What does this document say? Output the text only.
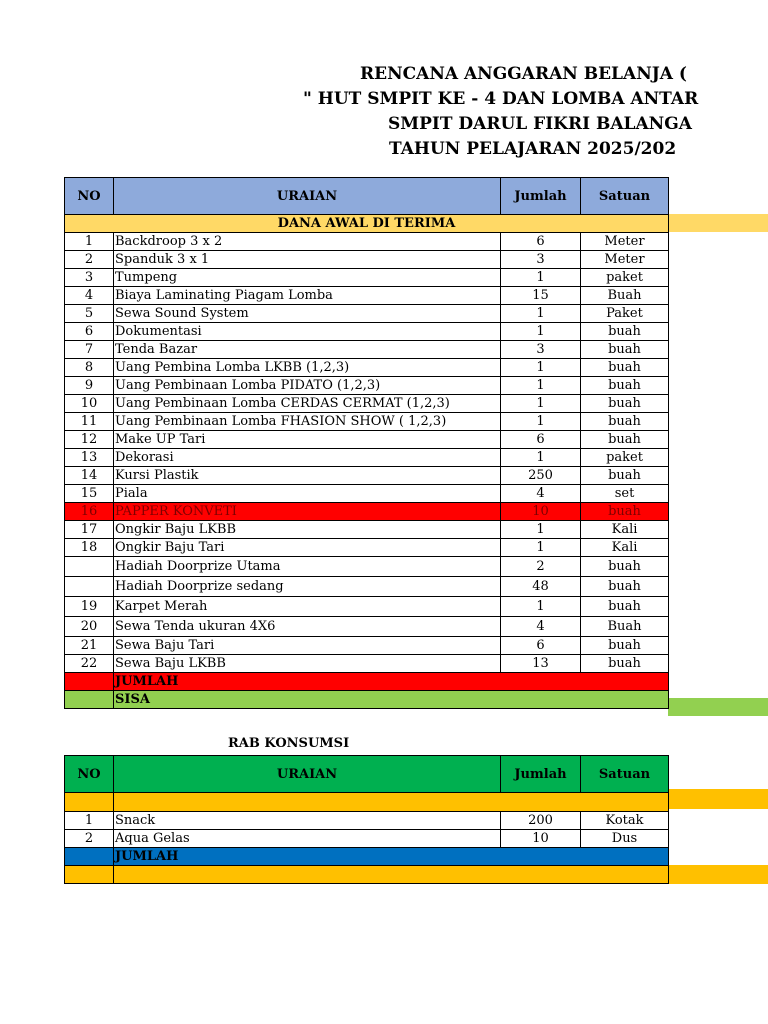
RENCANA ANGGARAN BELANJA (
" HUT SMPIT KE - 4 DAN LOMBA ANTAR
SMPIT DARUL FIKRI BALANGA
TAHUN PELAJARAN 2025/202
NO	URAIAN	Jumlah	Satuan
DANA AWAL DI TERIMA			
1	Backdroop 3 x 2	6	Meter
2	Spanduk 3 x 1	3	Meter
3	Tumpeng	1	paket
4	Biaya Laminating Piagam Lomba	15	Buah
5	Sewa Sound System	1	Paket
6	Dokumentasi	1	buah
7	Tenda Bazar	3	buah
8	Uang Pembina Lomba LKBB (1,2,3)	1	buah
9	Uang Pembinaan Lomba PIDATO (1,2,3)	1	buah
10	Uang Pembinaan Lomba CERDAS CERMAT (1,2,3)	1	buah
11	Uang Pembinaan Lomba FHASION SHOW ( 1,2,3)	1	buah
12	Make UP Tari	6	buah
13	Dekorasi	1	paket
14	Kursi Plastik	250	buah
15	Piala	4	set
16	PAPPER KONVETI	10	buah
17	Ongkir Baju LKBB	1	Kali
18	Ongkir Baju Tari	1	Kali
	Hadiah Doorprize Utama	2	buah
	Hadiah Doorprize sedang	48	buah
19	Karpet Merah	1	buah
20	Sewa Tenda ukuran 4X6	4	Buah
21	Sewa Baju Tari	6	buah
22	Sewa Baju LKBB	13	buah
	JUMLAH		
	SISA		
RAB KONSUMSI
NO	URAIAN	Jumlah	Satuan

1	Snack	200	Kotak
2	Aqua Gelas	10	Dus
	JUMLAH		
